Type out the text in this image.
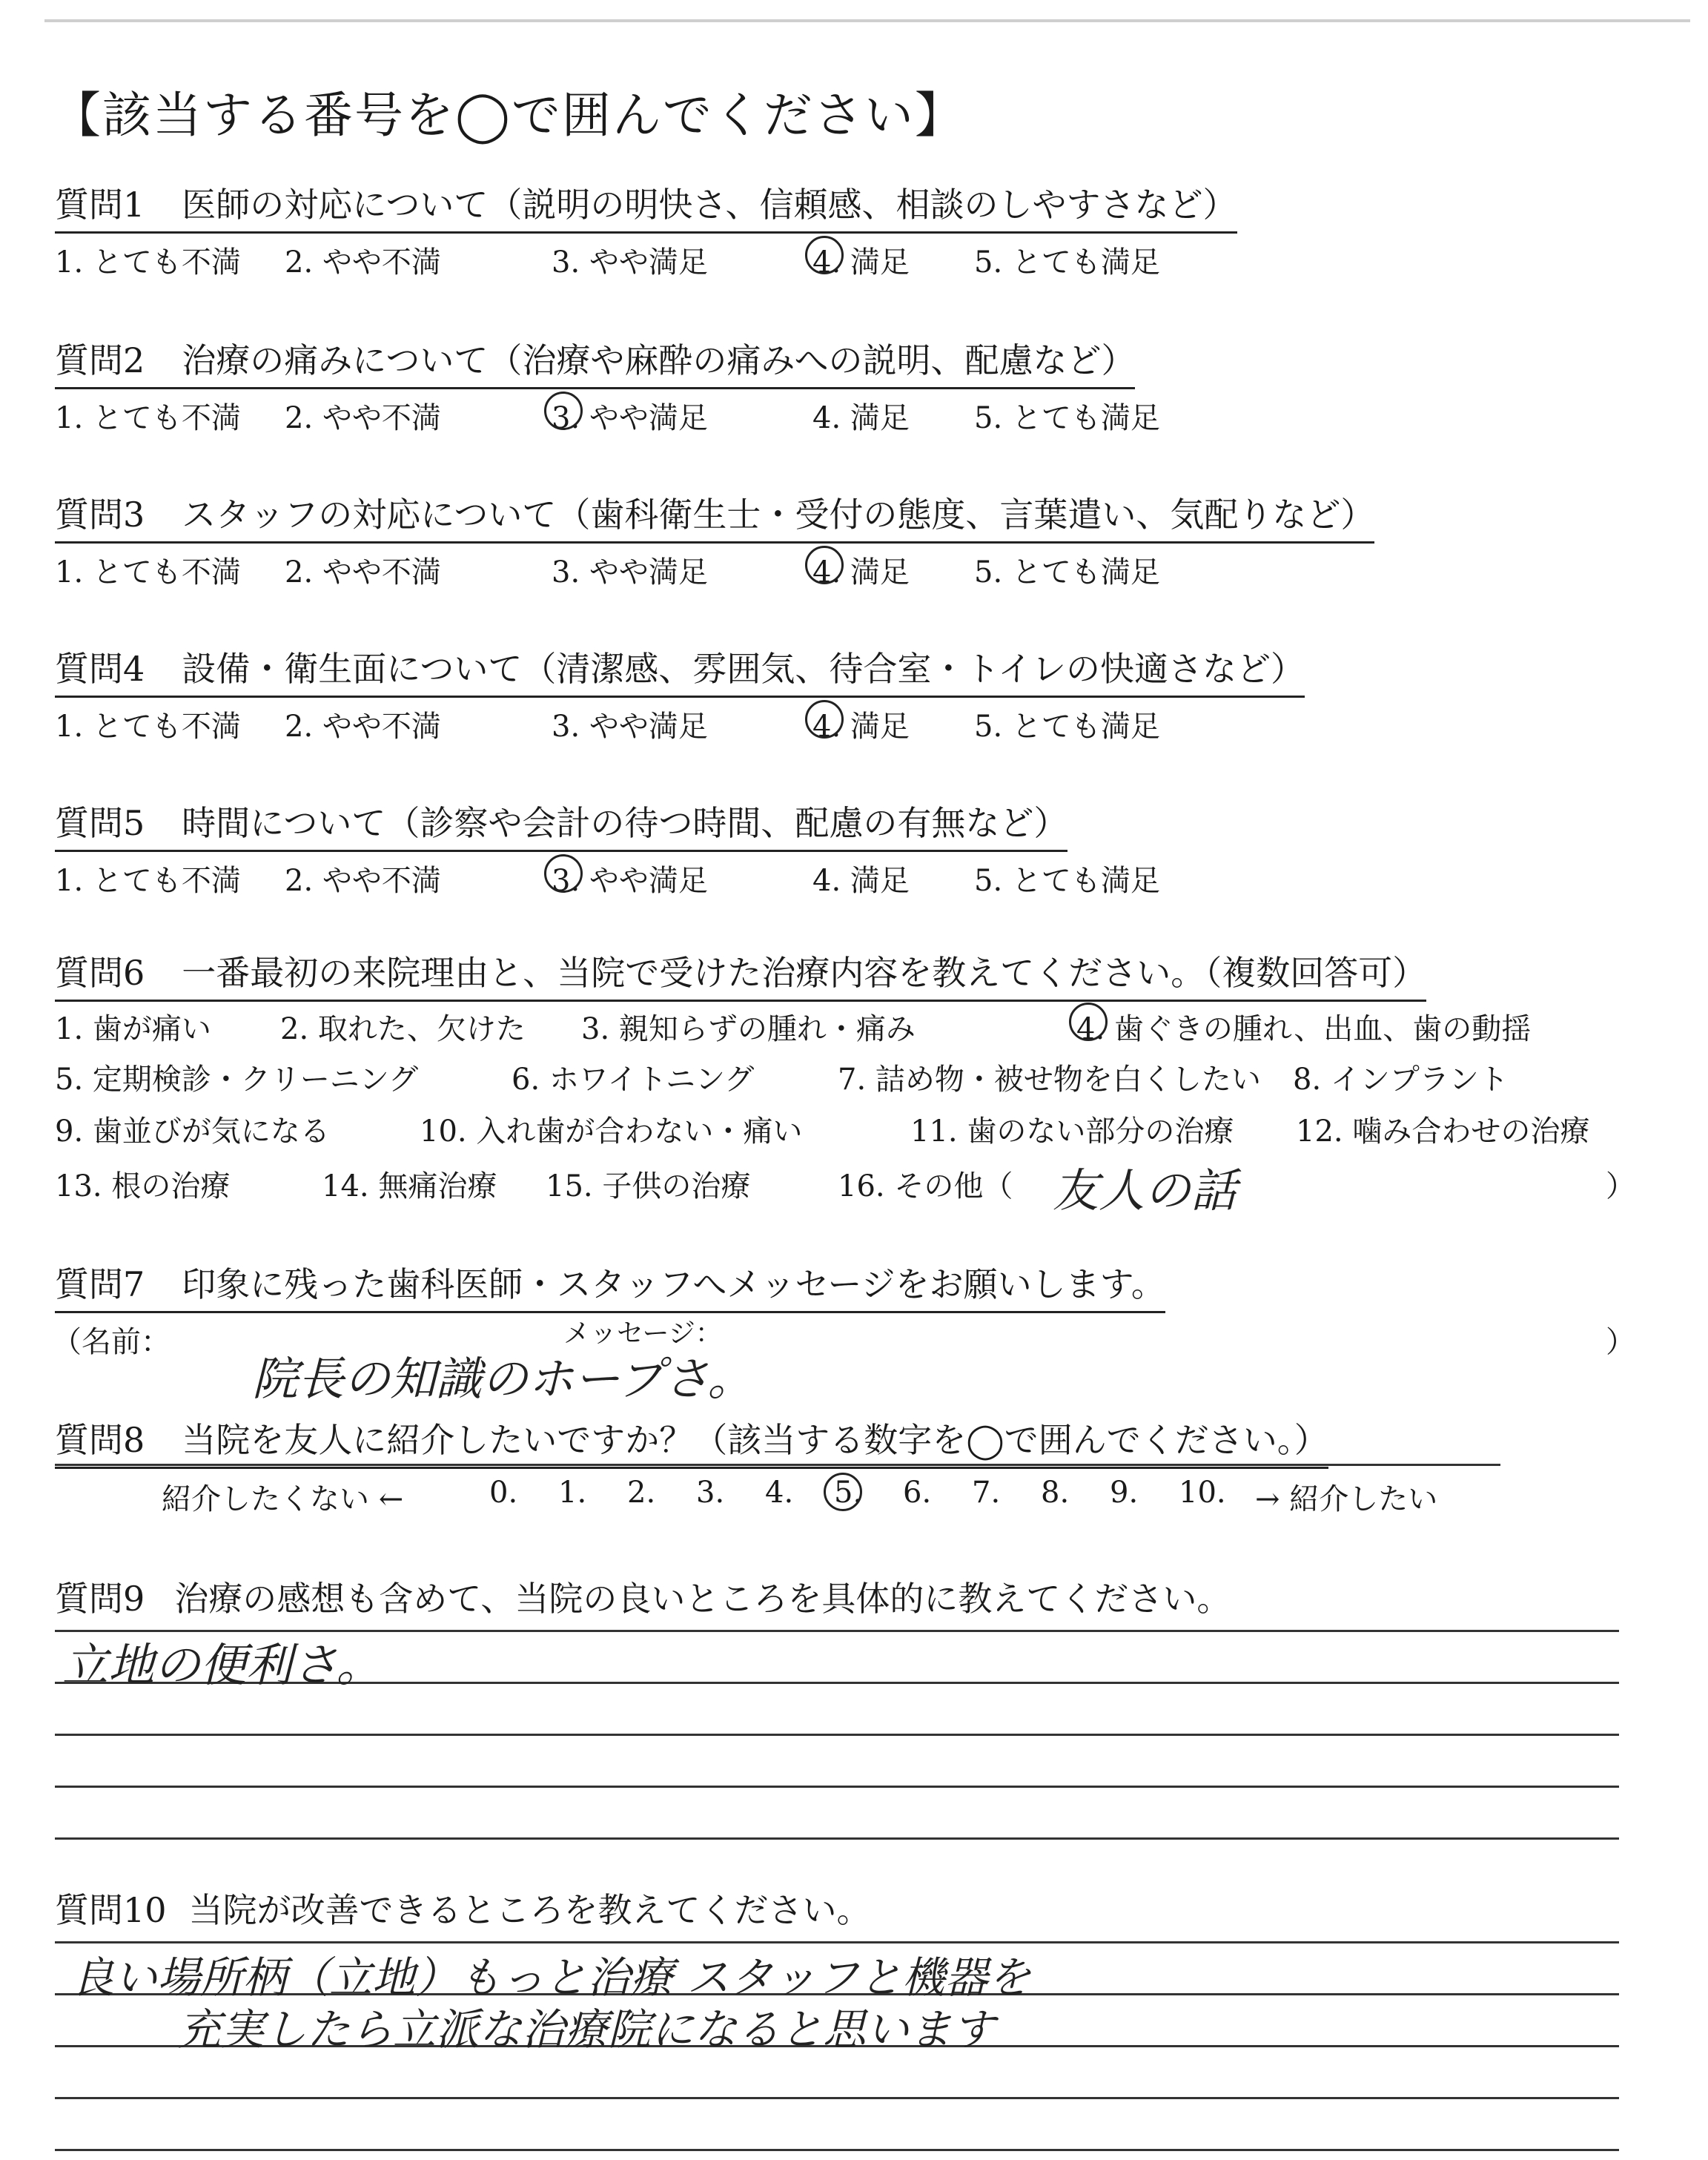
【該当する番号を◯で囲んでください】
質問1 医師の対応について（説明の明快さ、信頼感、相談のしやすさなど）
1. とても不満 2. やや不満	3. やや満足	4. 満足 5. とても満足
質問2 治療の痛みについて（治療や麻酔の痛みへの説明、配慮など）
1. とても不満 2. やや不満	3. やや満足	4. 満足 5. とても満足
質問3 スタッフの対応について（歯科衛生士・受付の態度、言葉遣い、気配りなど）
1. とても不満 2. やや不満	3. やや満足	4. 満足 5. とても満足
質問4 設備・衛生面について（清潔感、雰囲気、待合室・トイレの快適さなど）
1. とても不満 2. やや不満	3. やや満足	4. 満足 5. とても満足
質問5 時間について（診察や会計の待つ時間、配慮の有無など）
1. とても不満 2. やや不満	3. やや満足	4. 満足 5. とても満足
質問6 一番最初の来院理由と、当院で受けた治療内容を教えてください。（複数回答可）
1. 歯が痛い 2. 取れた、欠けた 3. 親知らずの腫れ・痛み	4. 歯ぐきの腫れ、出血、歯の動揺
5. 定期検診・クリーニング	6. ホワイトニング	7. 詰め物・被せ物を白くしたい 8. インプラント
9. 歯並びが気になる	10. 入れ歯が合わない・痛い	11. 歯のない部分の治療 12. 噛み合わせの治療
13. 根の治療	14. 無痛治療 15. 子供の治療	16. その他（	）
友人の話
質問7 印象に残った歯科医師・スタッフへメッセージをお願いします。
（名前：	メッセージ：	）
院長の知識のホープさ。
質問8 当院を友人に紹介したいですか？（該当する数字を◯で囲んでください。）
紹介したくない ←	0. 1. 2. 3. 4. 5. 6. 7. 8. 9. 10. → 紹介したい
質問9 治療の感想も含めて、当院の良いところを具体的に教えてください。
立地の便利さ。
質問10 当院が改善できるところを教えてください。
良い場所柄（立地）もっと治療 スタッフと機器を
充実したら立派な治療院になると思います
